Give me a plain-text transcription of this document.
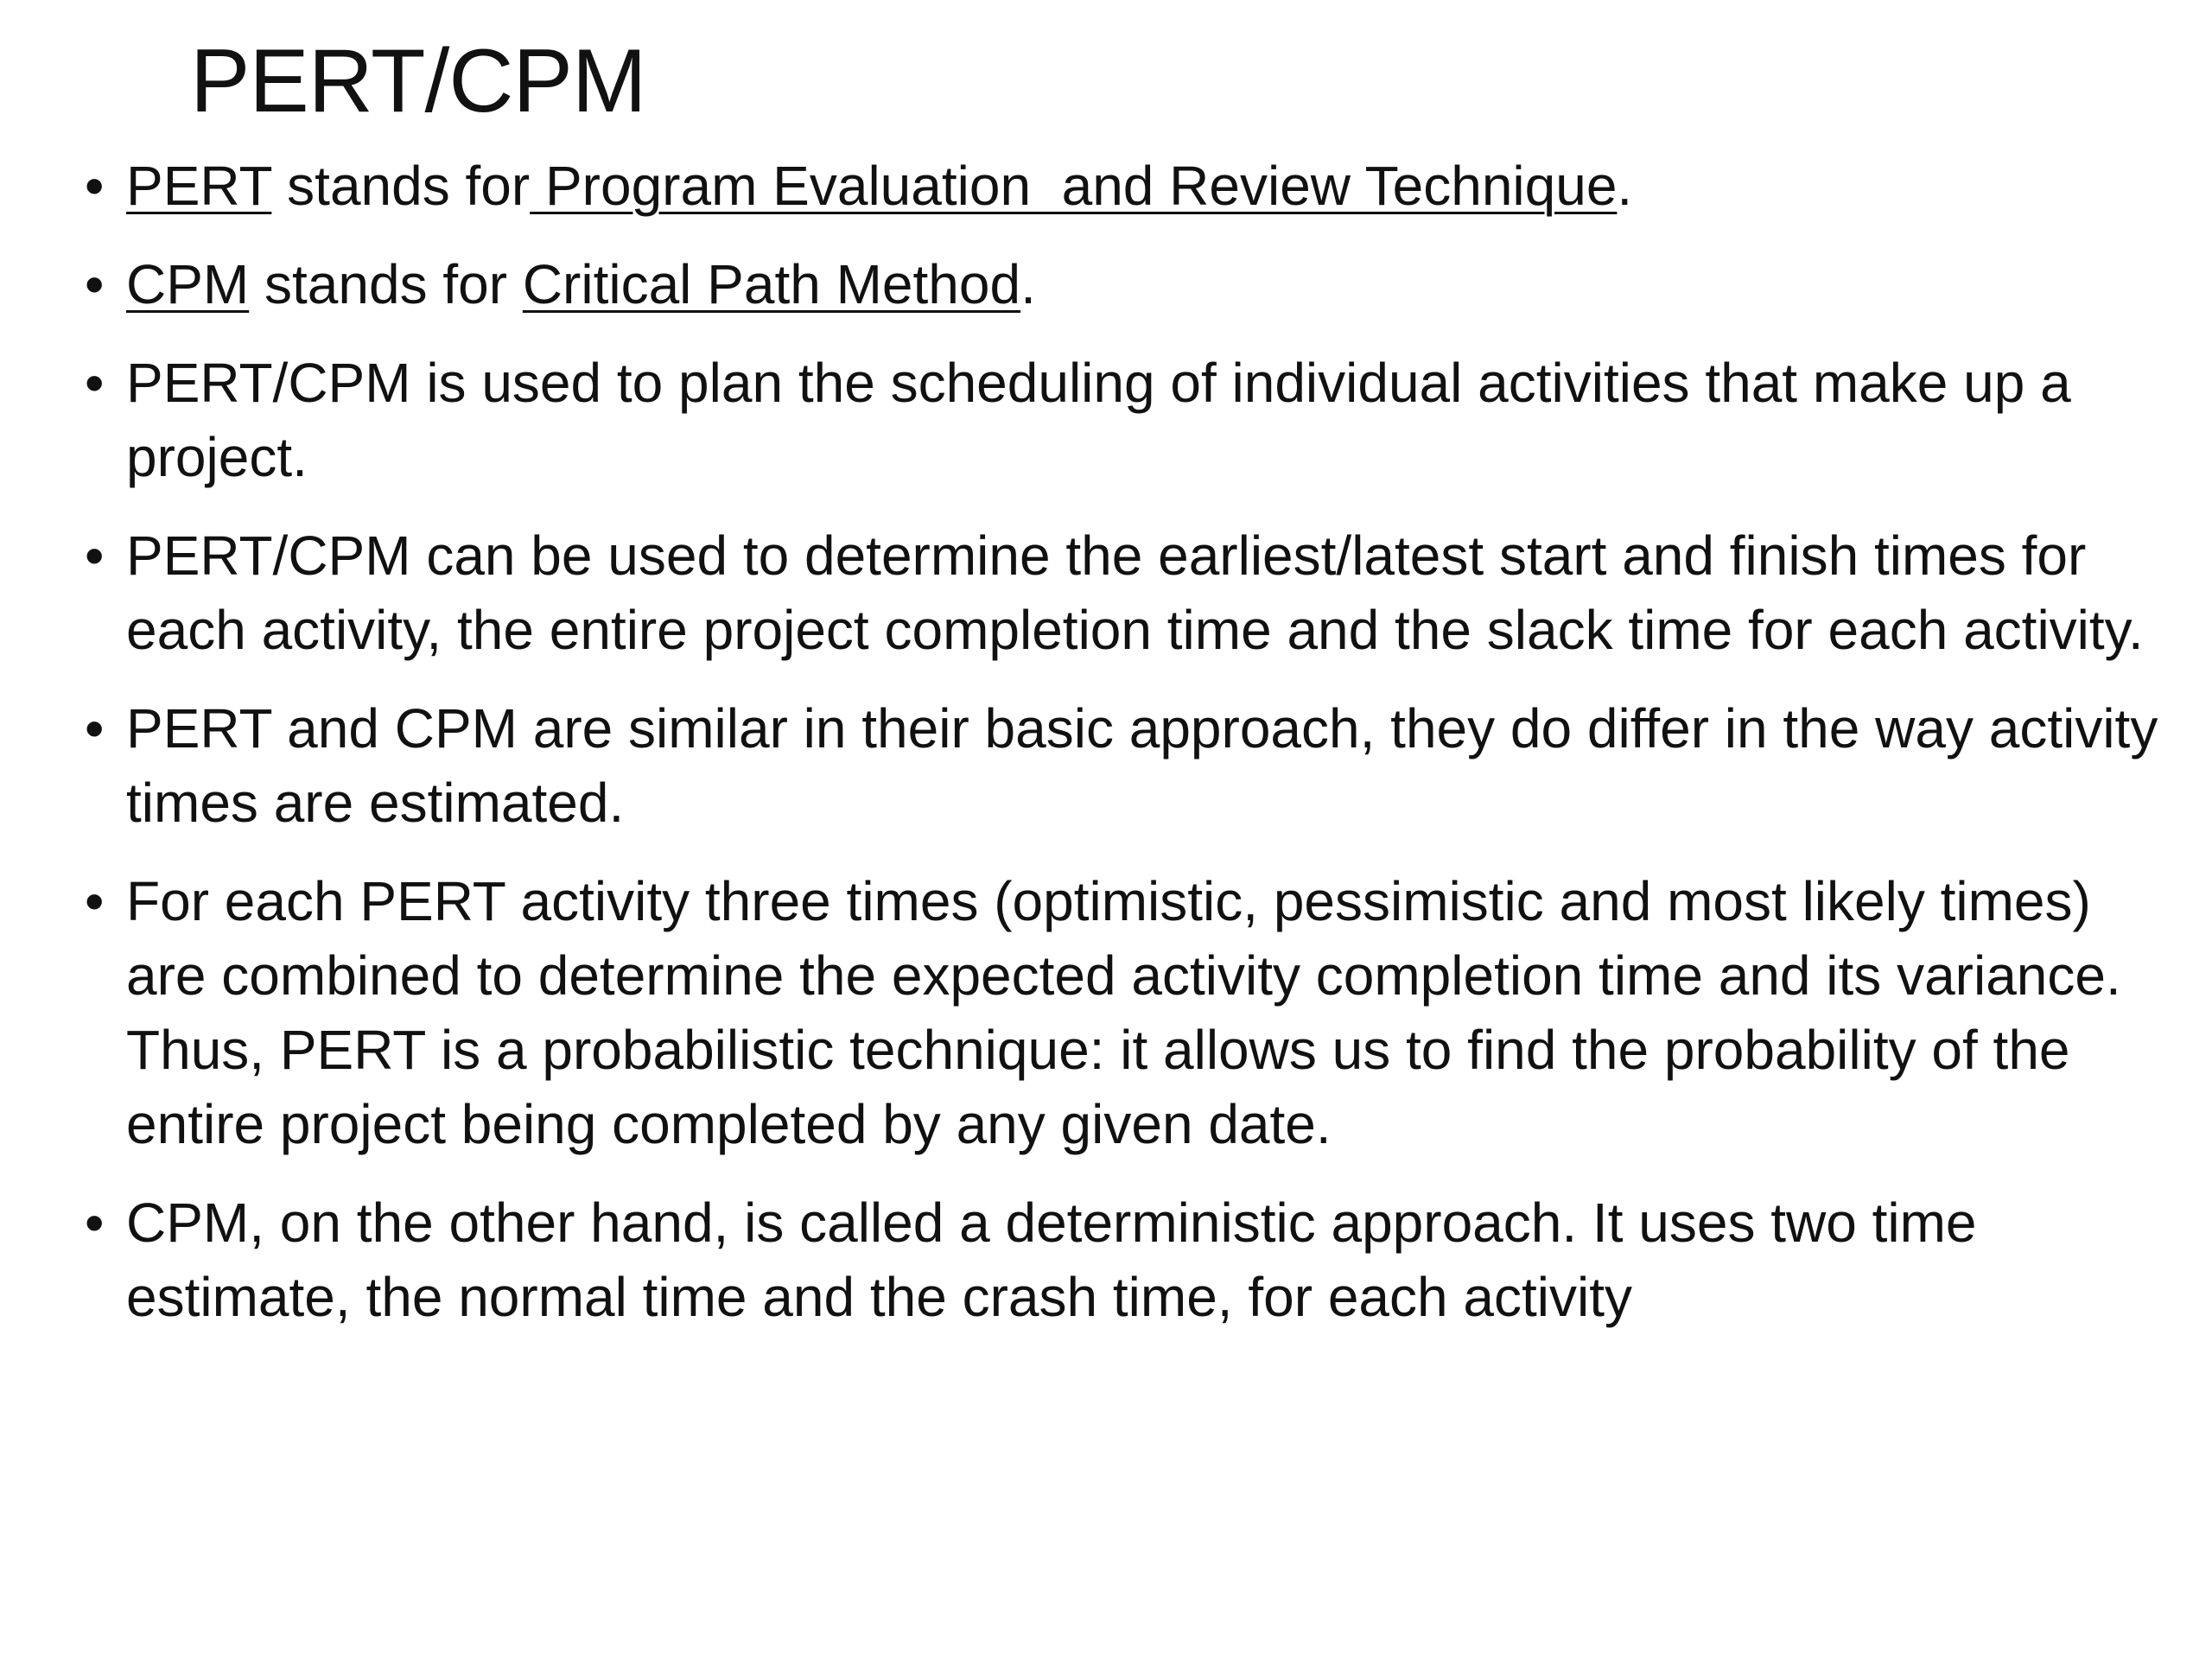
PERT/CPM
• PERT stands for Program Evaluation  and Review Technique.
• CPM stands for Critical Path Method.
• PERT/CPM is used to plan the scheduling of individual activities that make up a project.
• PERT/CPM can be used to determine the earliest/latest start and finish times for each activity, the entire project completion time and the slack time for each activity.
• PERT and CPM are similar in their basic approach, they do differ in the way activity times are estimated.
• For each PERT activity three times (optimistic, pessimistic and most likely times) are combined to determine the expected activity completion time and its variance. Thus, PERT is a probabilistic technique: it allows us to find the probability of the entire project being completed by any given date.
• CPM, on the other hand, is called a deterministic approach. It uses two time estimate, the normal time and the crash time, for each activity
